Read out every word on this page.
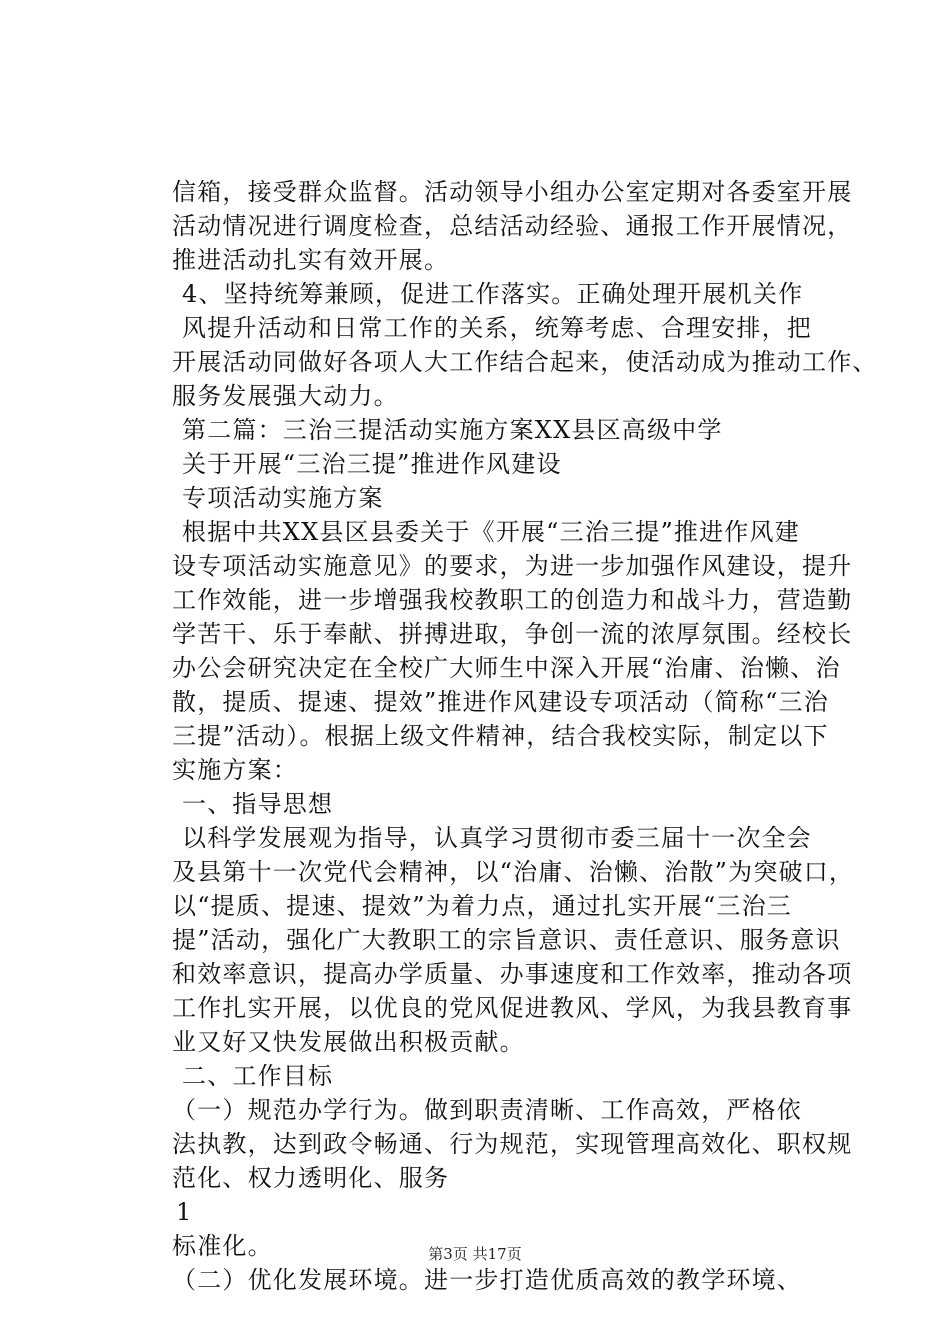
信箱，接受群众监督。活动领导小组办公室定期对各委室开展
活动情况进行调度检查，总结活动经验、通报工作开展情况，
推进活动扎实有效开展。
4、坚持统筹兼顾，促进工作落实。正确处理开展机关作
风提升活动和日常工作的关系，统筹考虑、合理安排，把
开展活动同做好各项人大工作结合起来，使活动成为推动工作、
服务发展强大动力。
第二篇：三治三提活动实施方案XX县区高级中学
关于开展“三治三提”推进作风建设
专项活动实施方案
根据中共XX县区县委关于《开展“三治三提”推进作风建
设专项活动实施意见》的要求，为进一步加强作风建设，提升
工作效能，进一步增强我校教职工的创造力和战斗力，营造勤
学苦干、乐于奉献、拼搏进取，争创一流的浓厚氛围。经校长
办公会研究决定在全校广大师生中深入开展“治庸、治懒、治
散，提质、提速、提效”推进作风建设专项活动（简称“三治
三提”活动）。根据上级文件精神，结合我校实际，制定以下
实施方案：
一、指导思想
以科学发展观为指导，认真学习贯彻市委三届十一次全会
及县第十一次党代会精神，以“治庸、治懒、治散”为突破口，
以“提质、提速、提效”为着力点，通过扎实开展“三治三
提”活动，强化广大教职工的宗旨意识、责任意识、服务意识
和效率意识，提高办学质量、办事速度和工作效率，推动各项
工作扎实开展，以优良的党风促进教风、学风，为我县教育事
业又好又快发展做出积极贡献。
二、工作目标
（一）规范办学行为。做到职责清晰、工作高效，严格依
法执教，达到政令畅通、行为规范，实现管理高效化、职权规
范化、权力透明化、服务
1
标准化。
（二）优化发展环境。进一步打造优质高效的教学环境、
第3页 共17页
